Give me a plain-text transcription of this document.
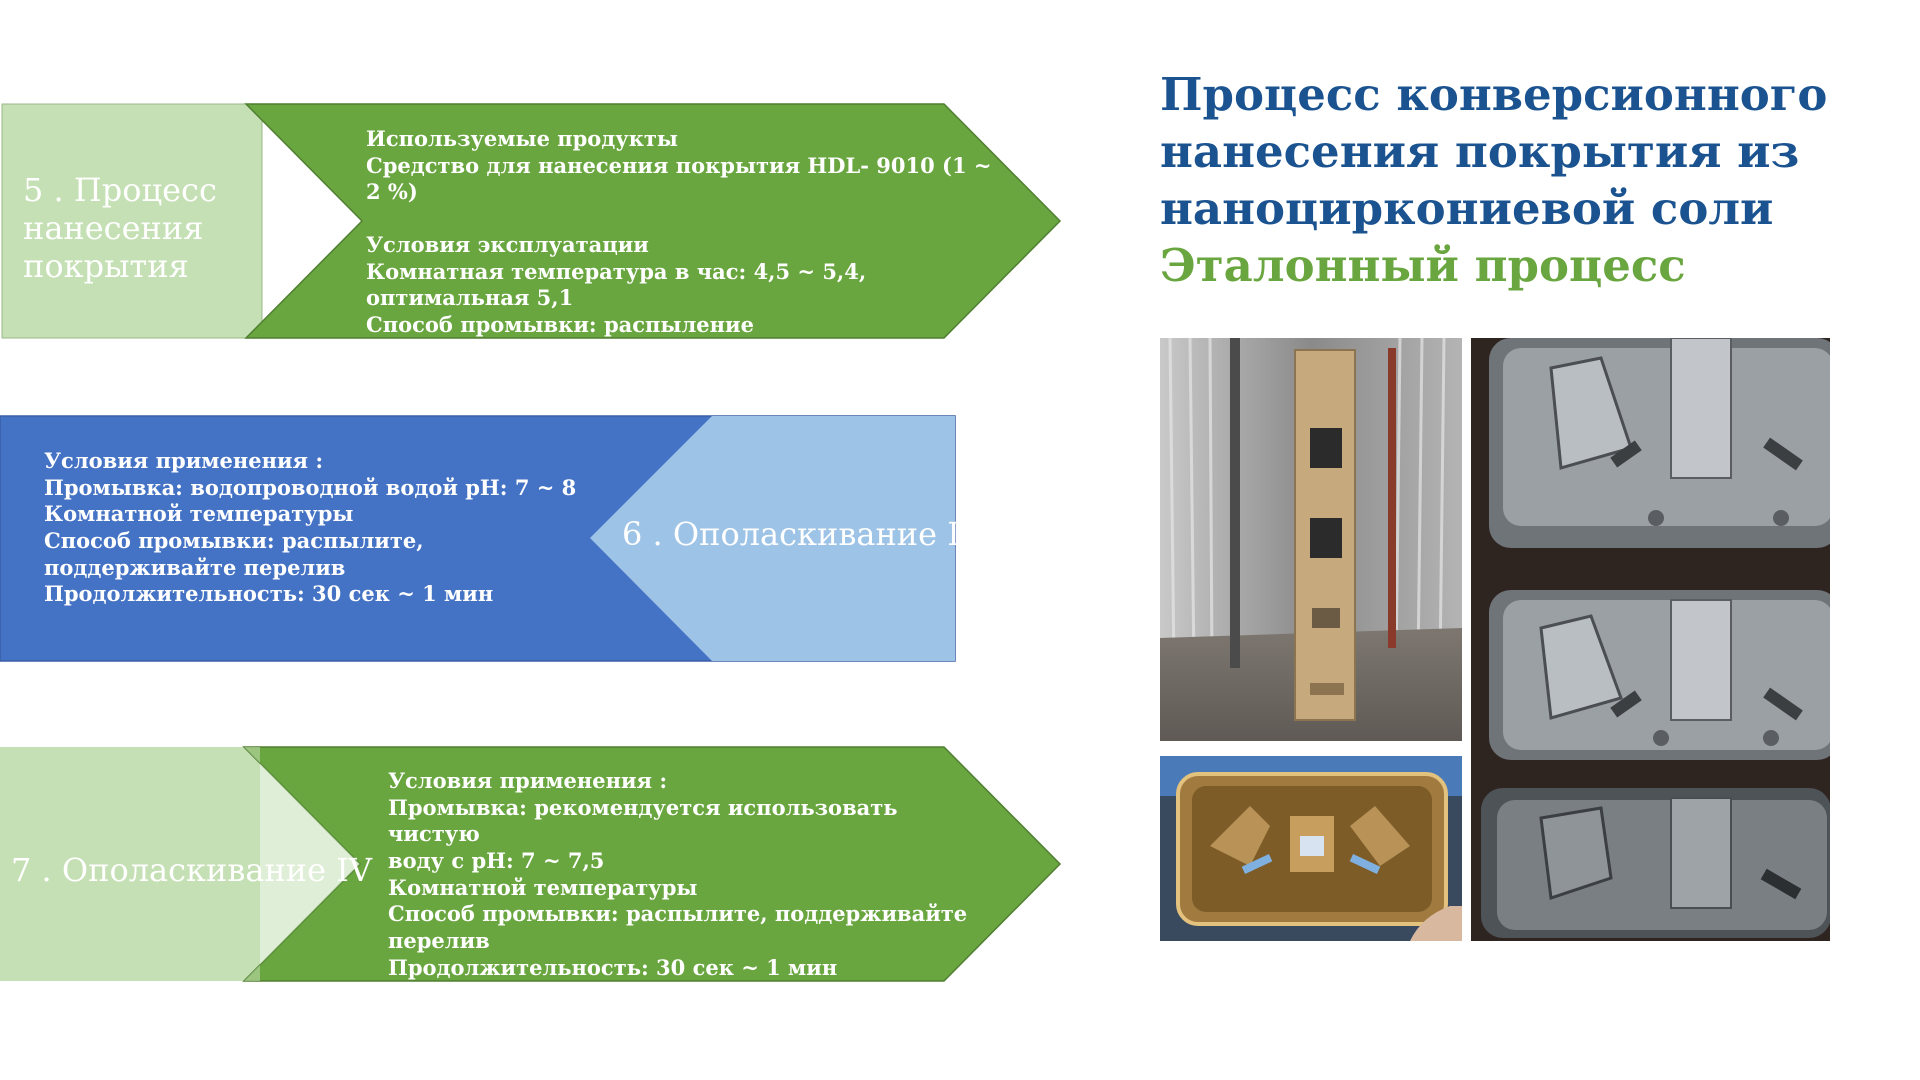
5 . Процесс
нанесения
покрытия
Используемые продукты
Средство для нанесения покрытия HDL- 9010 (1 ~ 2 %)
Условия эксплуатации
Комнатная температура в час: 4,5 ~ 5,4, оптимальная 5,1
Способ промывки: распыление
Продолжительность: 40 сек ~ 1 мин
Условия применения :
Промывка: водопроводной водой pH: 7 ~ 8
Комнатной температуры
Способ промывки: распылите,
поддерживайте перелив
Продолжительность: 30 сек ~ 1 мин
6 . Ополаскивание III
7 . Ополаскивание IV
Условия применения :
Промывка: рекомендуется использовать чистую
воду с pH: 7 ~ 7,5
Комнатной температуры
Способ промывки: распылите, поддерживайте
перелив
Продолжительность: 30 сек ~ 1 мин
Процесс конверсионного
нанесения покрытия из
наноциркониевой соли
Эталонный процесс
